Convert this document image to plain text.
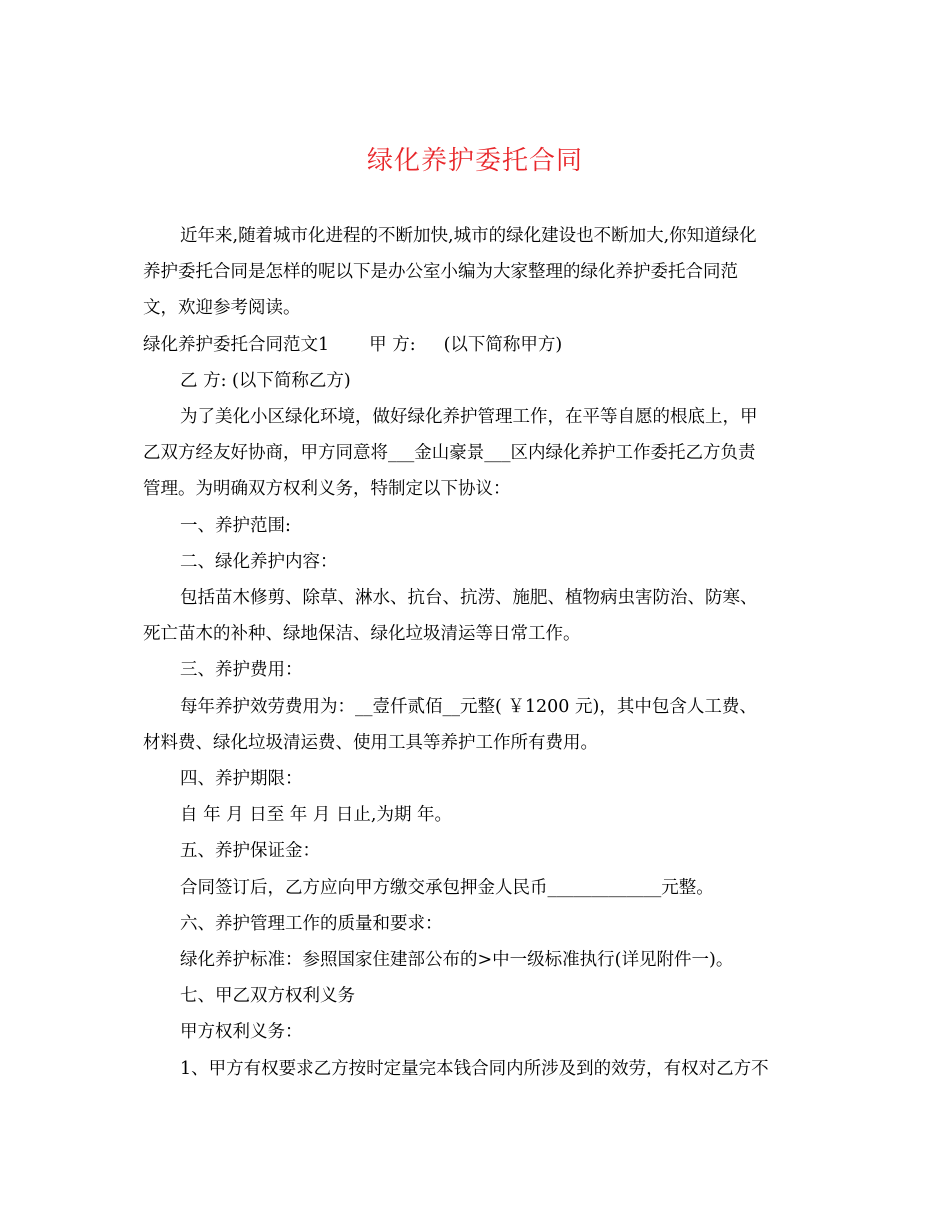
绿化养护委托合同

近年来,随着城市化进程的不断加快,城市的绿化建设也不断加大,你知道绿化

养护委托合同是怎样的呢以下是办公室小编为大家整理的绿化养护委托合同范

文，欢迎参考阅读。

绿化养护委托合同范文1 甲 方: (以下简称甲方)

乙 方: (以下简称乙方)

为了美化小区绿化环境，做好绿化养护管理工作，在平等自愿的根底上，甲

乙双方经友好协商，甲方同意将___金山豪景___区内绿化养护工作委托乙方负责

管理。为明确双方权利义务，特制定以下协议：

一、养护范围:

二、绿化养护内容：

包括苗木修剪、除草、淋水、抗台、抗涝、施肥、植物病虫害防治、防寒、

死亡苗木的补种、绿地保洁、绿化垃圾清运等日常工作。

三、养护费用：

每年养护效劳费用为：__壹仟贰佰__元整( ￥1200 元)，其中包含人工费、

材料费、绿化垃圾清运费、使用工具等养护工作所有费用。

四、养护期限：

自 年 月 日至 年 月 日止,为期 年。

五、养护保证金：

合同签订后，乙方应向甲方缴交承包押金人民币_____________元整。

六、养护管理工作的质量和要求：

绿化养护标准：参照国家住建部公布的>中一级标准执行(详见附件一)。

七、甲乙双方权利义务

甲方权利义务：

1、甲方有权要求乙方按时定量完本钱合同内所涉及到的效劳，有权对乙方不
